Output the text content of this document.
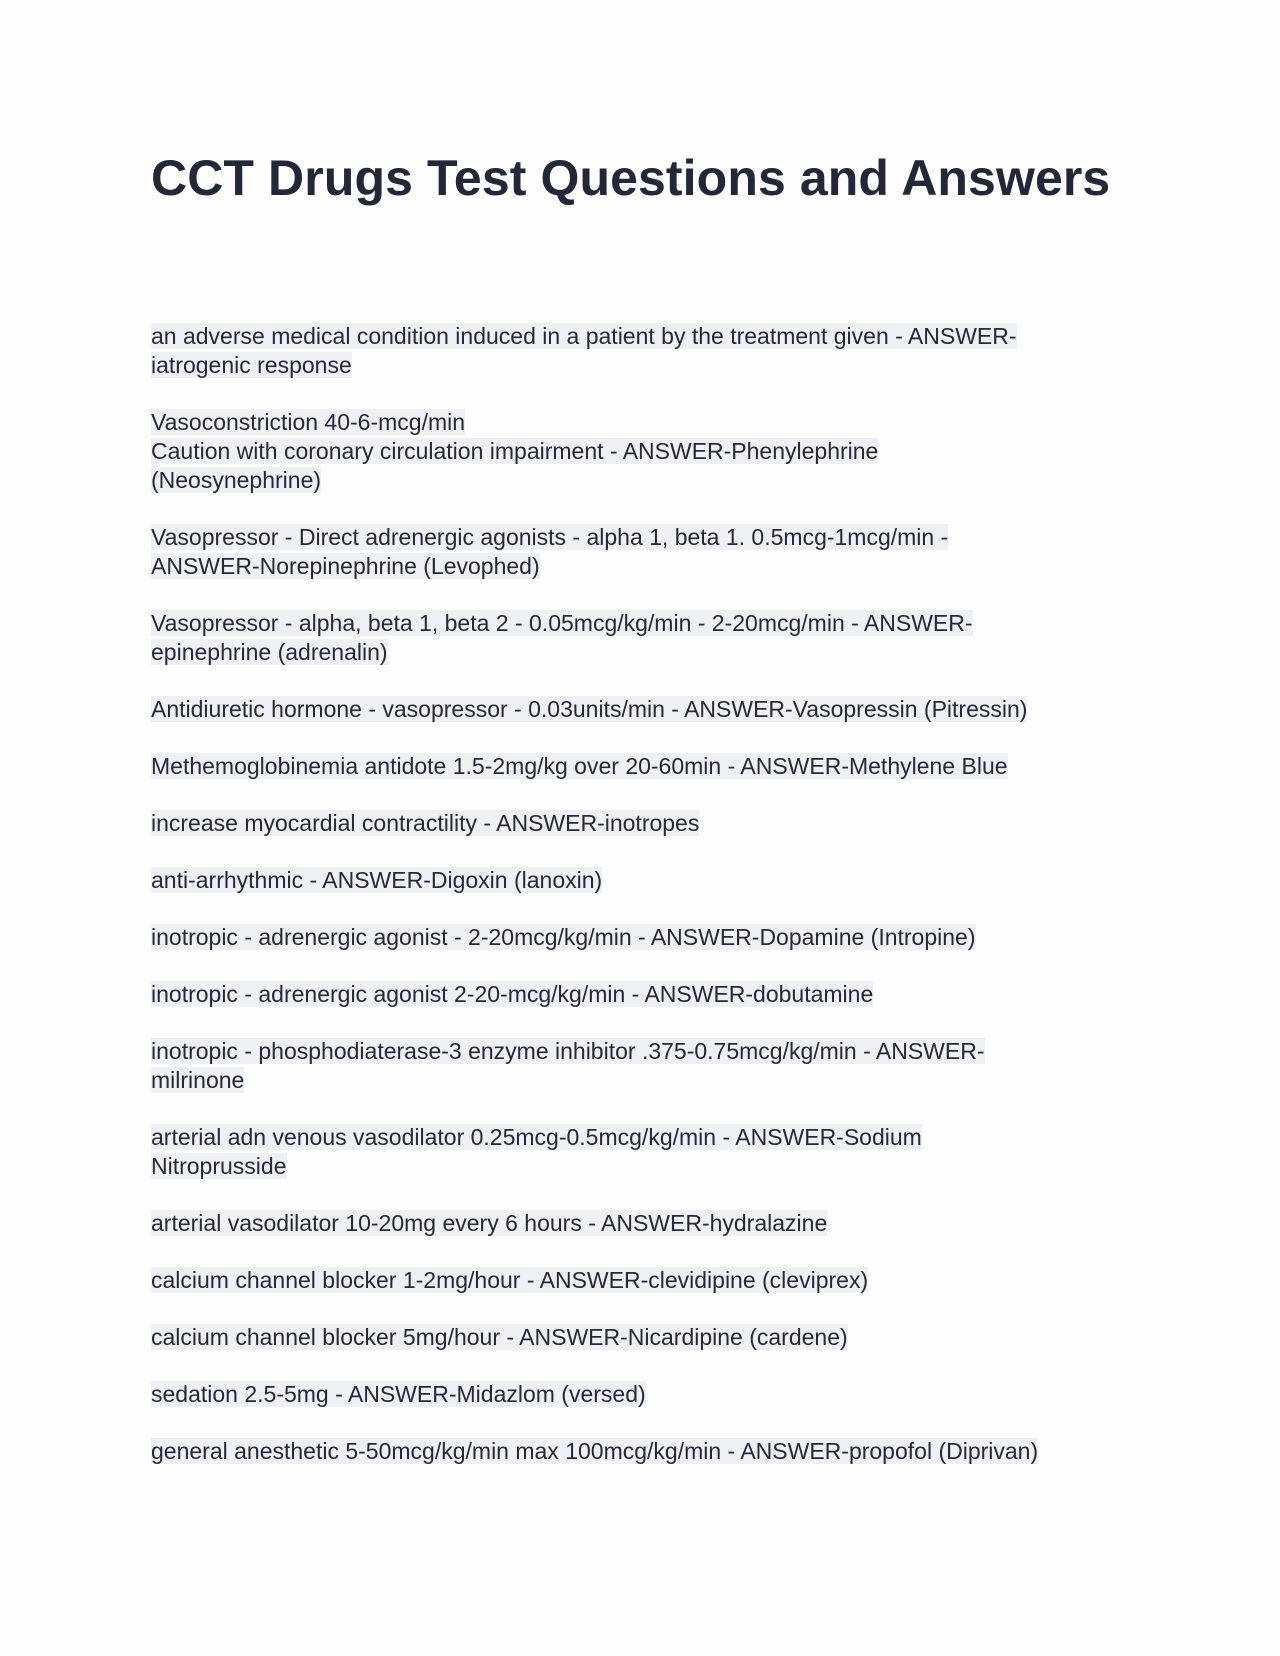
CCT Drugs Test Questions and Answers
an adverse medical condition induced in a patient by the treatment given - ANSWER-
iatrogenic response
Vasoconstriction 40-6-mcg/min
Caution with coronary circulation impairment - ANSWER-Phenylephrine
(Neosynephrine)
Vasopressor - Direct adrenergic agonists - alpha 1, beta 1. 0.5mcg-1mcg/min -
ANSWER-Norepinephrine (Levophed)
Vasopressor - alpha, beta 1, beta 2 - 0.05mcg/kg/min - 2-20mcg/min - ANSWER-
epinephrine (adrenalin)
Antidiuretic hormone - vasopressor - 0.03units/min - ANSWER-Vasopressin (Pitressin)
Methemoglobinemia antidote 1.5-2mg/kg over 20-60min - ANSWER-Methylene Blue
increase myocardial contractility - ANSWER-inotropes
anti-arrhythmic - ANSWER-Digoxin (lanoxin)
inotropic - adrenergic agonist - 2-20mcg/kg/min - ANSWER-Dopamine (Intropine)
inotropic - adrenergic agonist 2-20-mcg/kg/min - ANSWER-dobutamine
inotropic - phosphodiaterase-3 enzyme inhibitor .375-0.75mcg/kg/min - ANSWER-
milrinone
arterial adn venous vasodilator 0.25mcg-0.5mcg/kg/min - ANSWER-Sodium
Nitroprusside
arterial vasodilator 10-20mg every 6 hours - ANSWER-hydralazine
calcium channel blocker 1-2mg/hour - ANSWER-clevidipine (cleviprex)
calcium channel blocker 5mg/hour - ANSWER-Nicardipine (cardene)
sedation 2.5-5mg - ANSWER-Midazlom (versed)
general anesthetic 5-50mcg/kg/min max 100mcg/kg/min - ANSWER-propofol (Diprivan)
